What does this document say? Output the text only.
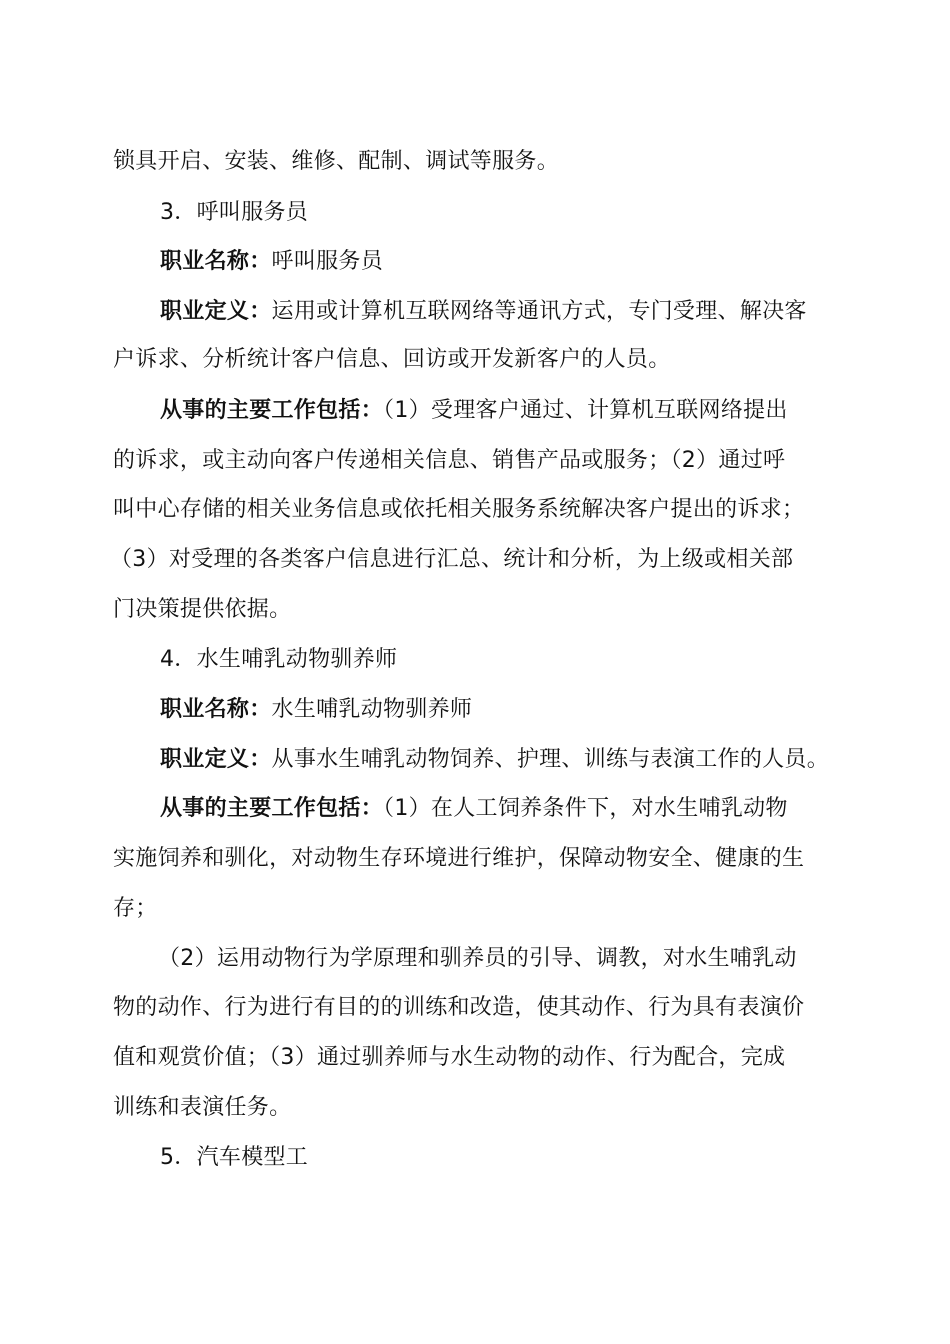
锁具开启、安装、维修、配制、调试等服务。
3．呼叫服务员
职业名称：呼叫服务员
职业定义：运用或计算机互联网络等通讯方式，专门受理、解决客
户诉求、分析统计客户信息、回访或开发新客户的人员。
从事的主要工作包括：（1）受理客户通过、计算机互联网络提出
的诉求，或主动向客户传递相关信息、销售产品或服务；（2）通过呼
叫中心存储的相关业务信息或依托相关服务系统解决客户提出的诉求；
（3）对受理的各类客户信息进行汇总、统计和分析，为上级或相关部
门决策提供依据。
4．水生哺乳动物驯养师
职业名称：水生哺乳动物驯养师
职业定义：从事水生哺乳动物饲养、护理、训练与表演工作的人员。
从事的主要工作包括：（1）在人工饲养条件下，对水生哺乳动物
实施饲养和驯化，对动物生存环境进行维护，保障动物安全、健康的生
存；
（2）运用动物行为学原理和驯养员的引导、调教，对水生哺乳动
物的动作、行为进行有目的的训练和改造，使其动作、行为具有表演价
值和观赏价值；（3）通过驯养师与水生动物的动作、行为配合，完成
训练和表演任务。
5．汽车模型工
